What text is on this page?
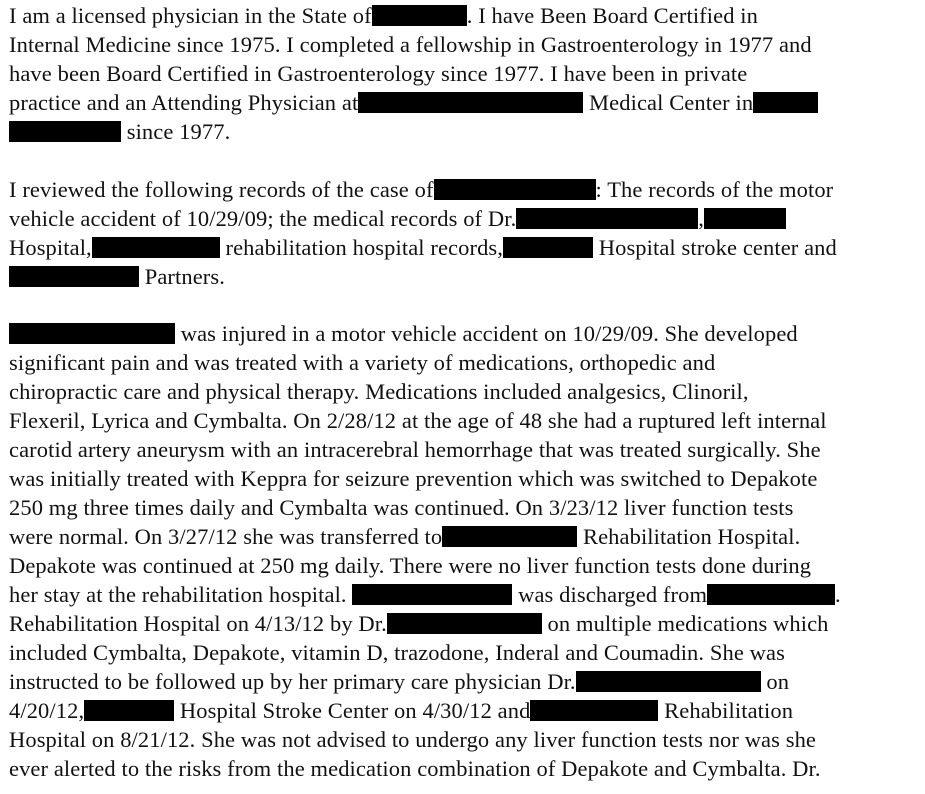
I am a licensed physician in the State of	. I have Been Board Certified in
Internal Medicine since 1975. I completed a fellowship in Gastroenterology in 1977 and
have been Board Certified in Gastroenterology since 1977. I have been in private
practice and an Attending Physician at	Medical Center in
since 1977.
I reviewed the following records of the case of	: The records of the motor
vehicle accident of 10/29/09; the medical records of Dr.	,
Hospital,	rehabilitation hospital records,	Hospital stroke center and
Partners.
was injured in a motor vehicle accident on 10/29/09. She developed
significant pain and was treated with a variety of medications, orthopedic and
chiropractic care and physical therapy. Medications included analgesics, Clinoril,
Flexeril, Lyrica and Cymbalta. On 2/28/12 at the age of 48 she had a ruptured left internal
carotid artery aneurysm with an intracerebral hemorrhage that was treated surgically. She
was initially treated with Keppra for seizure prevention which was switched to Depakote
250 mg three times daily and Cymbalta was continued. On 3/23/12 liver function tests
were normal. On 3/27/12 she was transferred to	Rehabilitation Hospital.
Depakote was continued at 250 mg daily. There were no liver function tests done during
her stay at the rehabilitation hospital.	was discharged from	.
Rehabilitation Hospital on 4/13/12 by Dr.	on multiple medications which
included Cymbalta, Depakote, vitamin D, trazodone, Inderal and Coumadin. She was
instructed to be followed up by her primary care physician Dr.	on
4/20/12,	Hospital Stroke Center on 4/30/12 and	Rehabilitation
Hospital on 8/21/12. She was not advised to undergo any liver function tests nor was she
ever alerted to the risks from the medication combination of Depakote and Cymbalta. Dr.
